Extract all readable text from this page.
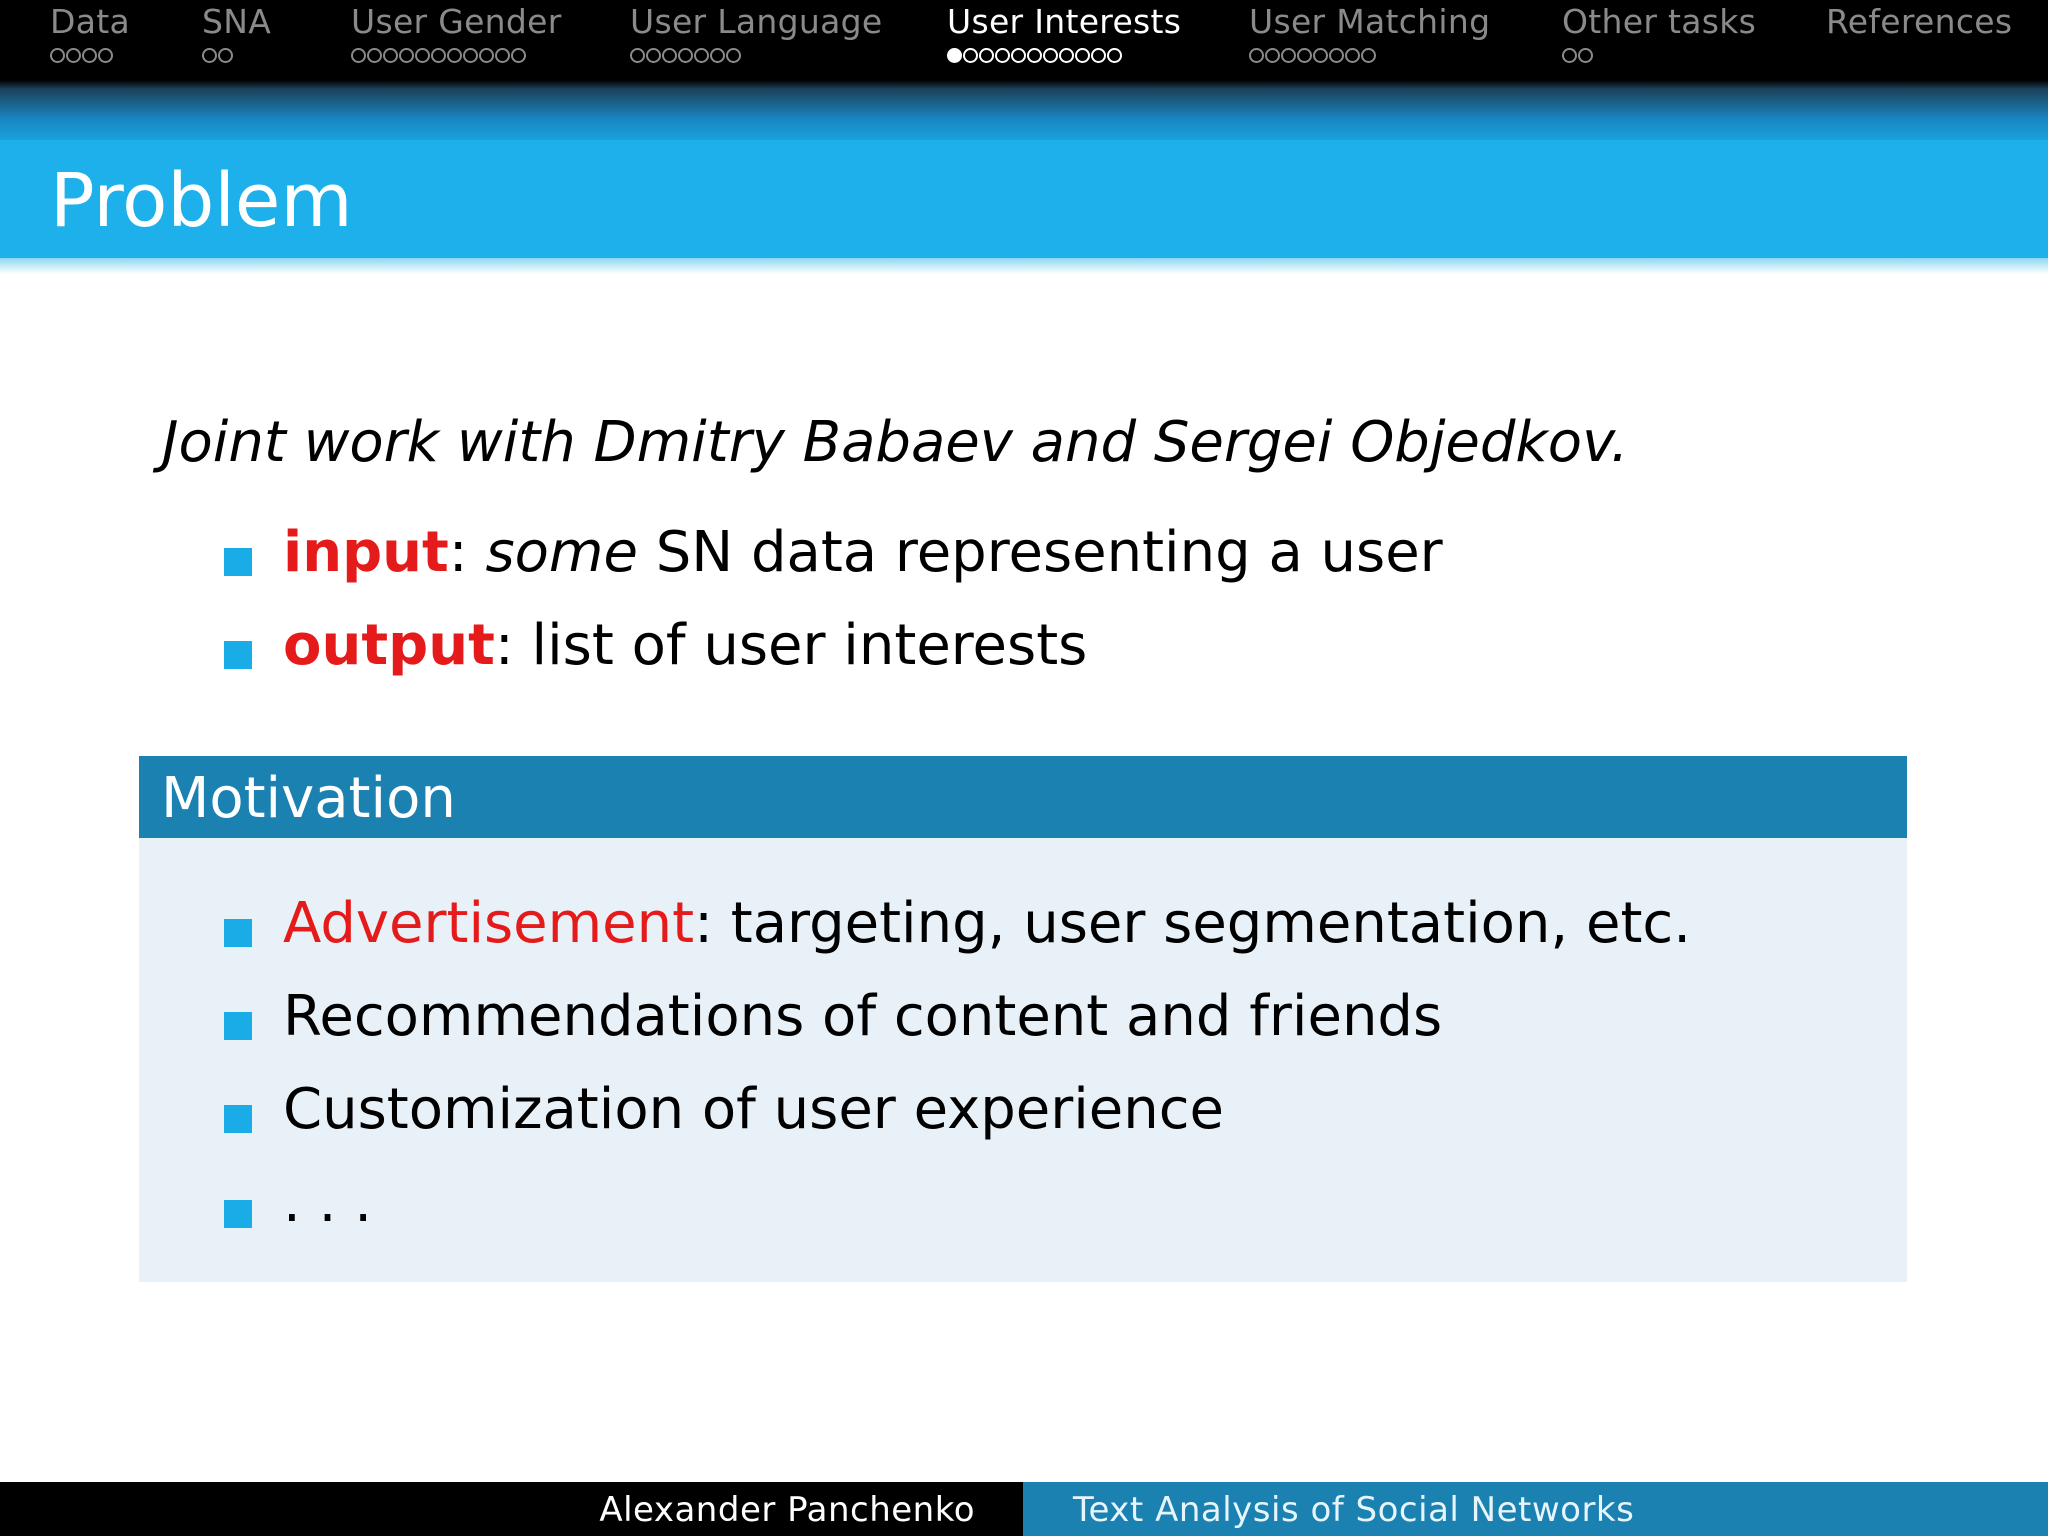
Data SNA User Gender User Language User Interests User Matching Other tasks References
Problem
Joint work with Dmitry Babaev and Sergei Objedkov.
input: some SN data representing a user
output: list of user interests
Motivation
Advertisement: targeting, user segmentation, etc.
Recommendations of content and friends
Customization of user experience
. . .
Alexander Panchenko	Text Analysis of Social Networks
